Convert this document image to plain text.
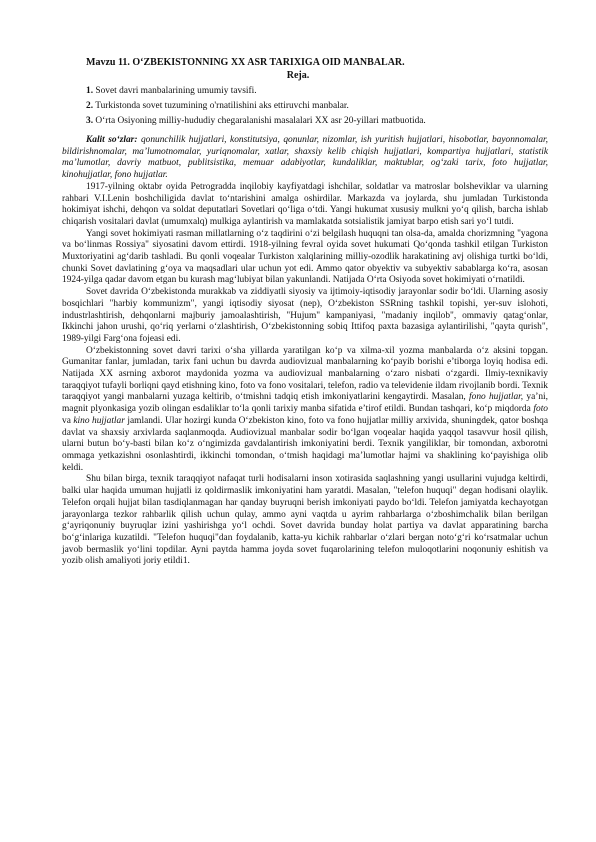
Mavzu 11. O‘ZBEKISTONNING XX ASR TARIXIGA OID MANBALAR.
Reja.
1. Sovet davri manbalarining umumiy tavsifi.
2. Turkistonda sovet tuzumining o'rnatilishini aks ettiruvchi manbalar.
3. O‘rta Osiyoning milliy-hududiy chegaralanishi masalalari XX asr 20-yillari matbuotida.

Kalit so‘zlar: qonunchilik hujjatlari, konstitutsiya, qonunlar, nizomlar, ish yuritish hujjatlari, hisobotlar, bayonnomalar, bildirishnomalar, ma’lumotnomalar, yuriqnomalar, xatlar, shaxsiy kelib chiqish hujjatlari, kompartiya hujjatlari, statistik ma’lumotlar, davriy matbuot, publitsistika, memuar adabiyotlar, kundaliklar, maktublar, og‘zaki tarix, foto hujjatlar, kinohujjatlar, fono hujjatlar.

1917-yilning oktabr oyida Petrogradda inqilobiy kayfiyatdagi ishchilar, soldatlar va matroslar bolsheviklar va ularning rahbari V.I.Lenin boshchiligida davlat to‘ntarishini amalga oshirdilar. Markazda va joylarda, shu jumladan Turkistonda hokimiyat ishchi, dehqon va soldat deputatlari Sovetlari qo‘liga o‘tdi. Yangi hukumat xususiy mulkni yo‘q qilish, barcha ishlab chiqarish vositalari davlat (umumxalq) mulkiga aylantirish va mamlakatda sotsialistik jamiyat barpo etish sari yo‘l tutdi.

Yangi sovet hokimiyati rasman millatlarning o‘z taqdirini o‘zi belgilash huquqni tan olsa-da, amalda chorizmning "yagona va bo‘linmas Rossiya" siyosatini davom ettirdi. 1918-yilning fevral oyida sovet hukumati Qo‘qonda tashkil etilgan Turkiston Muxtoriyatini ag‘darib tashladi. Bu qonli voqealar Turkiston xalqlarining milliy-ozodlik harakatining avj olishiga turtki bo‘ldi, chunki Sovet davlatining g‘oya va maqsadlari ular uchun yot edi. Ammo qator obyektiv va subyektiv sabablarga ko‘ra, asosan 1924-yilga qadar davom etgan bu kurash mag‘lubiyat bilan yakunlandi. Natijada O‘rta Osiyoda sovet hokimiyati o‘rnatildi.

Sovet davrida O‘zbekistonda murakkab va ziddiyatli siyosiy va ijtimoiy-iqtisodiy jarayonlar sodir bo‘ldi. Ularning asosiy bosqichlari "harbiy kommunizm", yangi iqtisodiy siyosat (nep), O‘zbekiston SSRning tashkil topishi, yer-suv islohoti, industrlashtirish, dehqonlarni majburiy jamoalashtirish, "Hujum" kampaniyasi, "madaniy inqilob", ommaviy qatag‘onlar, Ikkinchi jahon urushi, qo‘riq yerlarni o‘zlashtirish, O‘zbekistonning sobiq Ittifoq paxta bazasiga aylantirilishi, "qayta qurish", 1989-yilgi Farg‘ona fojeasi edi.

O‘zbekistonning sovet davri tarixi o‘sha yillarda yaratilgan ko‘p va xilma-xil yozma manbalarda o‘z aksini topgan. Gumanitar fanlar, jumladan, tarix fani uchun bu davrda audiovizual manbalarning ko‘payib borishi e’tiborga loyiq hodisa edi. Natijada XX asrning axborot maydonida yozma va audiovizual manbalarning o‘zaro nisbati o‘zgardi. Ilmiy-texnikaviy taraqqiyot tufayli borliqni qayd etishning kino, foto va fono vositalari, telefon, radio va televidenie ildam rivojlanib bordi. Texnik taraqqiyot yangi manbalarni yuzaga keltirib, o‘tmishni tadqiq etish imkoniyatlarini kengaytirdi. Masalan, fono hujjatlar, ya’ni, magnit plyonkasiga yozib olingan esdaliklar to‘la qonli tarixiy manba sifatida e’tirof etildi. Bundan tashqari, ko‘p miqdorda foto va kino hujjatlar jamlandi. Ular hozirgi kunda O‘zbekiston kino, foto va fono hujjatlar milliy arxivida, shuningdek, qator boshqa davlat va shaxsiy arxivlarda saqlanmoqda. Audiovizual manbalar sodir bo‘lgan voqealar haqida yaqqol tasavvur hosil qilish, ularni butun bo‘y-basti bilan ko‘z o‘ngimizda gavdalantirish imkoniyatini berdi. Texnik yangiliklar, bir tomondan, axborotni ommaga yetkazishni osonlashtirdi, ikkinchi tomondan, o‘tmish haqidagi ma’lumotlar hajmi va shaklining ko‘payishiga olib keldi.

Shu bilan birga, texnik taraqqiyot nafaqat turli hodisalarni inson xotirasida saqlashning yangi usullarini vujudga keltirdi, balki ular haqida umuman hujjatli iz qoldirmaslik imkoniyatini ham yaratdi. Masalan, "telefon huquqi" degan hodisani olaylik. Telefon orqali hujjat bilan tasdiqlanmagan har qanday buyruqni berish imkoniyati paydo bo‘ldi. Telefon jamiyatda kechayotgan jarayonlarga tezkor rahbarlik qilish uchun qulay, ammo ayni vaqtda u ayrim rahbarlarga o‘zboshimchalik bilan berilgan g‘ayriqonuniy buyruqlar izini yashirishga yo‘l ochdi. Sovet davrida bunday holat partiya va davlat apparatining barcha bo‘g‘inlariga kuzatildi. "Telefon huquqi"dan foydalanib, katta-yu kichik rahbarlar o‘zlari bergan noto‘g‘ri ko‘rsatmalar uchun javob bermaslik yo‘lini topdilar. Ayni paytda hamma joyda sovet fuqarolarining telefon muloqotlarini noqonuniy eshitish va yozib olish amaliyoti joriy etildi1.
